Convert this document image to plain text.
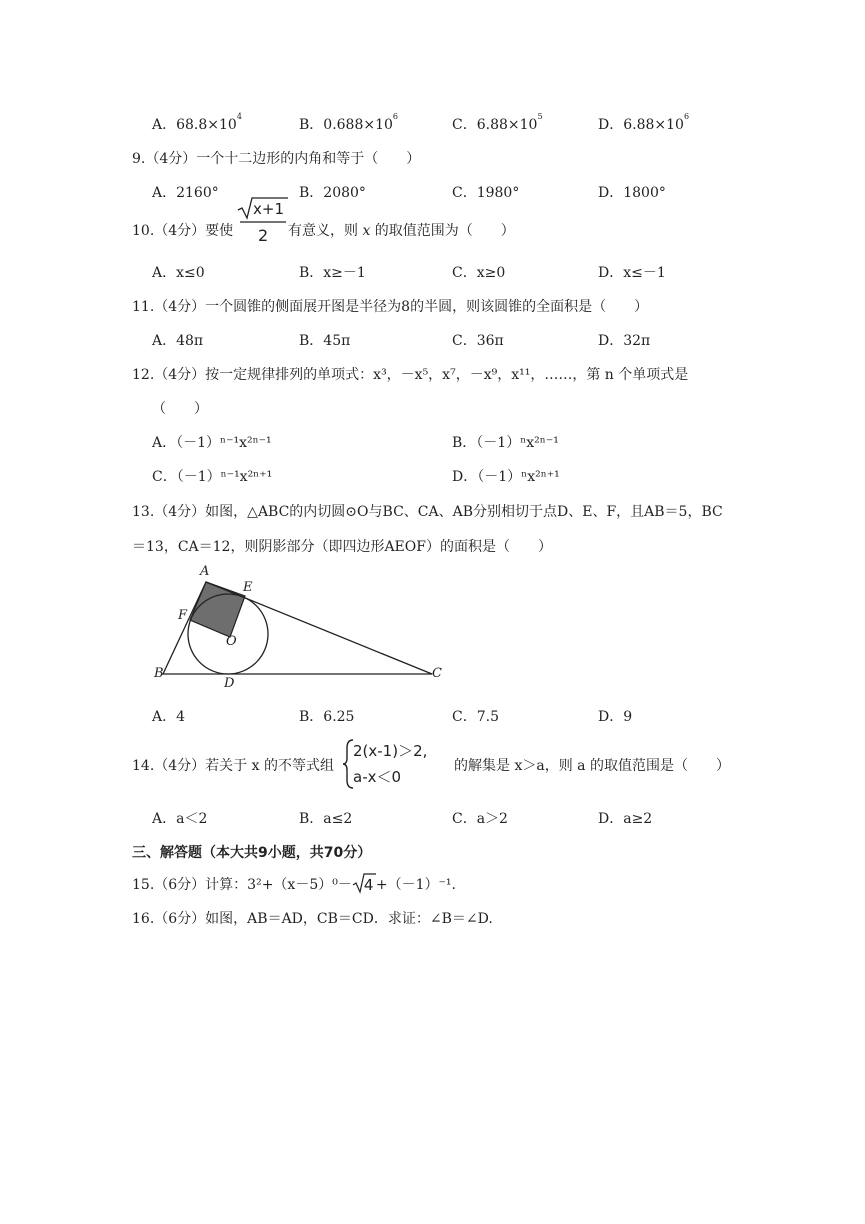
A．$68.8\times 10^4$
B．$0.688\times 10^6$
C．$6.88\times 10^5$
D．$6.88\times 10^6$
9.（4分）一个十二边形的内角和等于（　　）
A．2160°	B．2080°	C．1980°	D．1800°
10.（4分）要使
x+1
2 有意义，则 x 的取值范围为（　　）
A．x≤0	B．x≥－1	C．x≥0	D．x≤－1
11.（4分）一个圆锥的侧面展开图是半径为8的半圆，则该圆锥的全面积是（　　）
A．48π	B．45π	C．36π	D．32π
12.（4分）按一定规律排列的单项式：x³，－x⁵，x⁷，－x⁹，x¹¹，……，第 n 个单项式是
（　　）
A．（－1）ⁿ⁻¹x²ⁿ⁻¹	B．（－1）ⁿx²ⁿ⁻¹
C．（－1）ⁿ⁻¹x²ⁿ⁺¹	D．（－1）ⁿx²ⁿ⁺¹
13.（4分）如图，△ABC的内切圆⊙O与BC、CA、AB分别相切于点D、E、F，且AB＝5，BC
＝13，CA＝12，则阴影部分（即四边形AEOF）的面积是（　　）
A
E
F
O
B
D
C
A．4	B．6.25	C．7.5	D．9
14.（4分）若关于 x 的不等式组
2(x-1)＞2,
a-x＜0
的解集是 x＞a，则 a 的取值范围是（　　）
A．a＜2	B．a≤2	C．a＞2	D．a≥2
三、解答题（本大共9小题，共70分）
15.（6分）计算：3²+（x－5）⁰－ 4 +（－1）⁻¹.
16.（6分）如图，AB＝AD，CB＝CD．求证：∠B＝∠D.
